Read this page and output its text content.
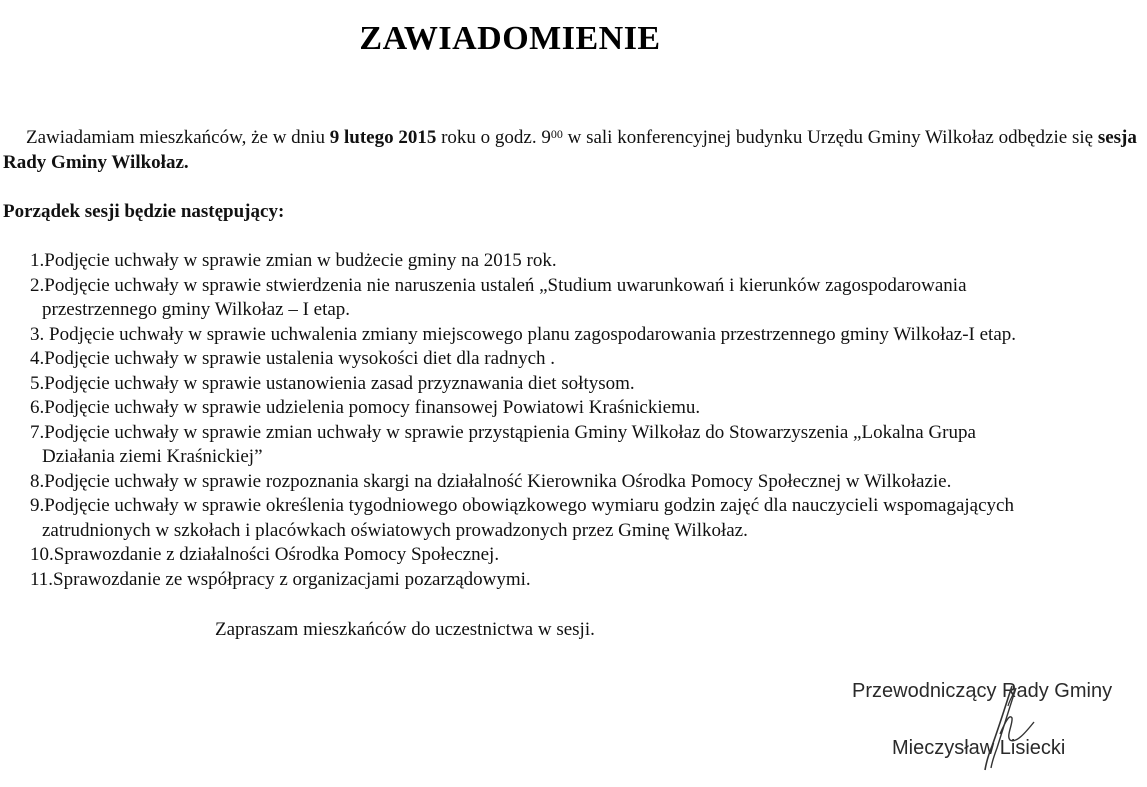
ZAWIADOMIENIE
Zawiadamiam mieszkańców, że w dniu 9 lutego 2015 roku o godz. $9^{00}$ w sali konferencyjnej budynku Urzędu Gminy Wilkołaz odbędzie się sesja Rady Gminy Wilkołaz.
Porządek sesji będzie następujący:
1.Podjęcie uchwały w sprawie zmian w budżecie gminy na 2015 rok.
2.Podjęcie uchwały w sprawie stwierdzenia nie naruszenia ustaleń „Studium uwarunkowań i kierunków zagospodarowania
przestrzennego gminy Wilkołaz – I etap.
3. Podjęcie uchwały w sprawie uchwalenia zmiany miejscowego planu zagospodarowania przestrzennego gminy Wilkołaz-I etap.
4.Podjęcie uchwały w sprawie ustalenia wysokości diet dla radnych .
5.Podjęcie uchwały w sprawie ustanowienia zasad przyznawania diet sołtysom.
6.Podjęcie uchwały w sprawie udzielenia pomocy finansowej Powiatowi Kraśnickiemu.
7.Podjęcie uchwały w sprawie zmian uchwały w sprawie przystąpienia Gminy Wilkołaz do Stowarzyszenia „Lokalna Grupa
Działania ziemi Kraśnickiej”
8.Podjęcie uchwały w sprawie rozpoznania skargi na działalność Kierownika Ośrodka Pomocy Społecznej w Wilkołazie.
9.Podjęcie uchwały w sprawie określenia tygodniowego obowiązkowego wymiaru godzin zajęć dla nauczycieli wspomagających
zatrudnionych w szkołach i placówkach oświatowych prowadzonych przez Gminę Wilkołaz.
10.Sprawozdanie z działalności Ośrodka Pomocy Społecznej.
11.Sprawozdanie ze współpracy z organizacjami pozarządowymi.
Zapraszam mieszkańców do uczestnictwa w sesji.
Przewodniczący Rady Gminy
Mieczysław Lisiecki
